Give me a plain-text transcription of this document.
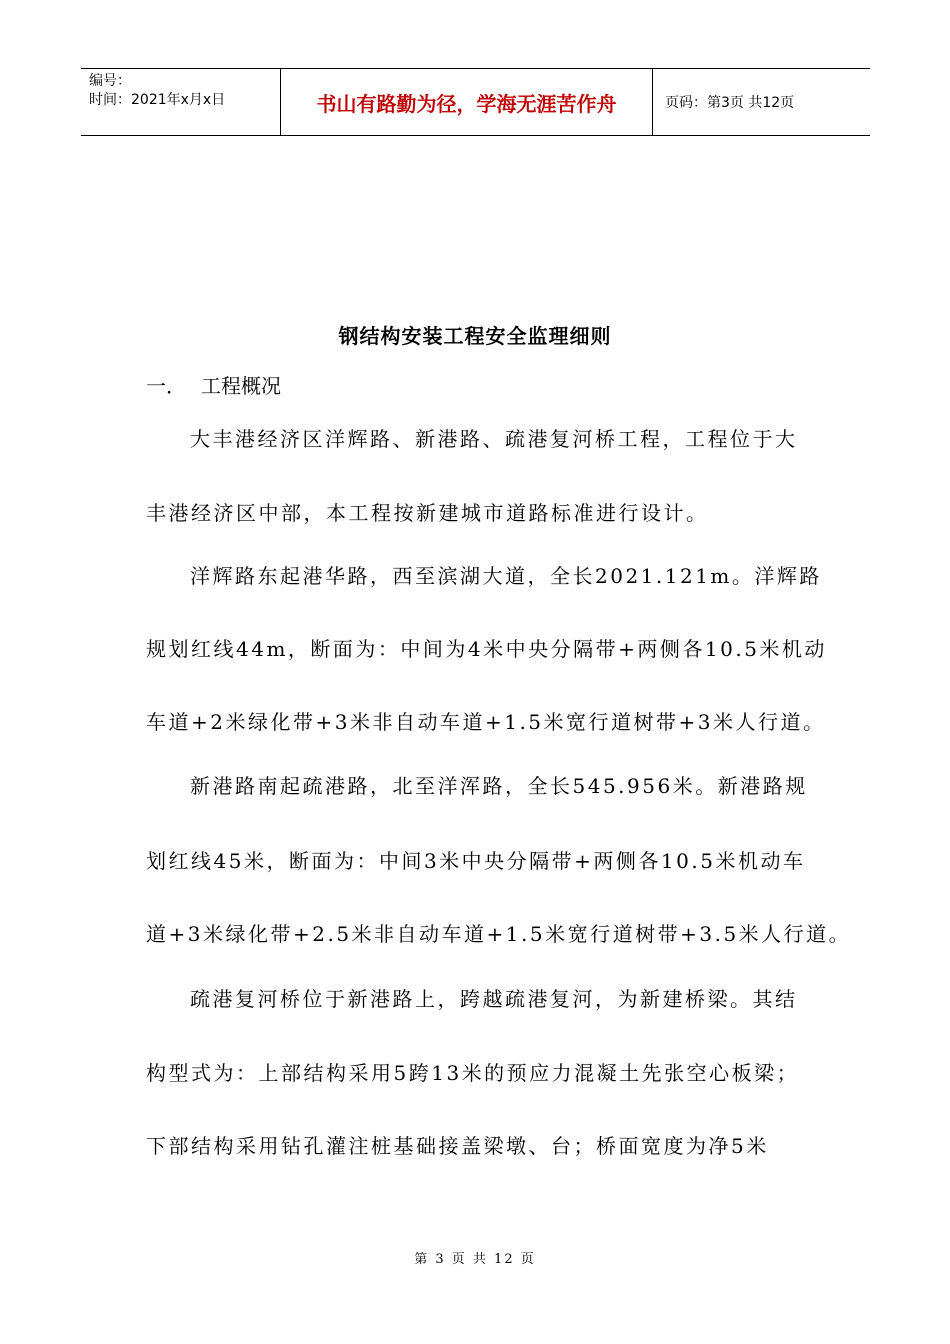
编号：
时间：2021年x月x日	书山有路勤为径，学海无涯苦作舟	页码：第3页 共12页
钢结构安装工程安全监理细则
一． 工程概况
大丰港经济区洋辉路、新港路、疏港复河桥工程，工程位于大
丰港经济区中部，本工程按新建城市道路标准进行设计。
洋辉路东起港华路，西至滨湖大道，全长2021.121m。洋辉路
规划红线44m，断面为：中间为4米中央分隔带+两侧各10.5米机动
车道+2米绿化带+3米非自动车道+1.5米宽行道树带+3米人行道。
新港路南起疏港路，北至洋浑路，全长545.956米。新港路规
划红线45米，断面为：中间3米中央分隔带+两侧各10.5米机动车
道+3米绿化带+2.5米非自动车道+1.5米宽行道树带+3.5米人行道。
疏港复河桥位于新港路上，跨越疏港复河，为新建桥梁。其结
构型式为：上部结构采用5跨13米的预应力混凝土先张空心板梁；
下部结构采用钻孔灌注桩基础接盖梁墩、台；桥面宽度为净5米
第 3 页 共 12 页
